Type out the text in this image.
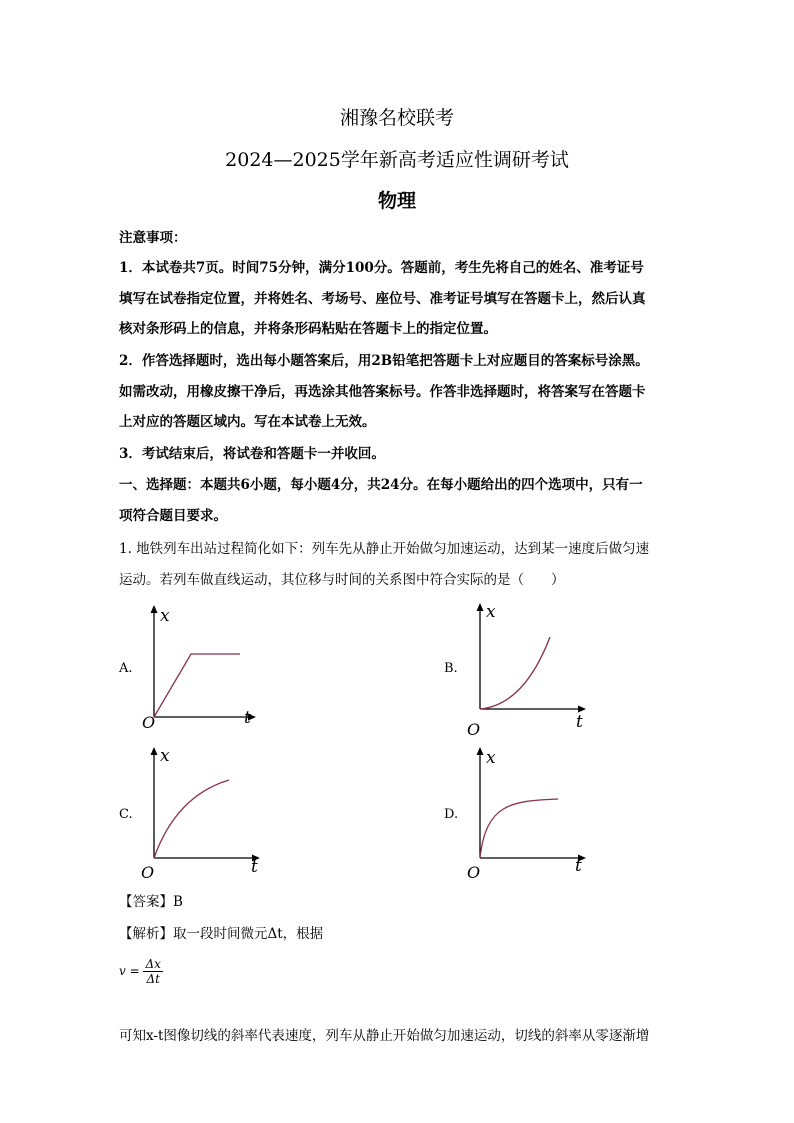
湘豫名校联考
2024—2025学年新高考适应性调研考试
物理
注意事项：
1．本试卷共7页。时间75分钟，满分100分。答题前，考生先将自己的姓名、准考证号
填写在试卷指定位置，并将姓名、考场号、座位号、准考证号填写在答题卡上，然后认真
核对条形码上的信息，并将条形码粘贴在答题卡上的指定位置。
2．作答选择题时，选出每小题答案后，用2B铅笔把答题卡上对应题目的答案标号涂黑。
如需改动，用橡皮擦干净后，再选涂其他答案标号。作答非选择题时，将答案写在答题卡
上对应的答题区域内。写在本试卷上无效。
3．考试结束后，将试卷和答题卡一并收回。
一、选择题：本题共6小题，每小题4分，共24分。在每小题给出的四个选项中，只有一
项符合题目要求。
1. 地铁列车出站过程简化如下：列车先从静止开始做匀加速运动，达到某一速度后做匀速
运动。若列车做直线运动，其位移与时间的关系图中符合实际的是（　　）
A.
x
t
O
B.
x
t
O
C.
x
t
O
D.
x
t
O
【答案】B
【解析】取一段时间微元Δt，根据
$v = \frac{\Delta x}{\Delta t}$
可知x-t图像切线的斜率代表速度，列车从静止开始做匀加速运动，切线的斜率从零逐渐增
